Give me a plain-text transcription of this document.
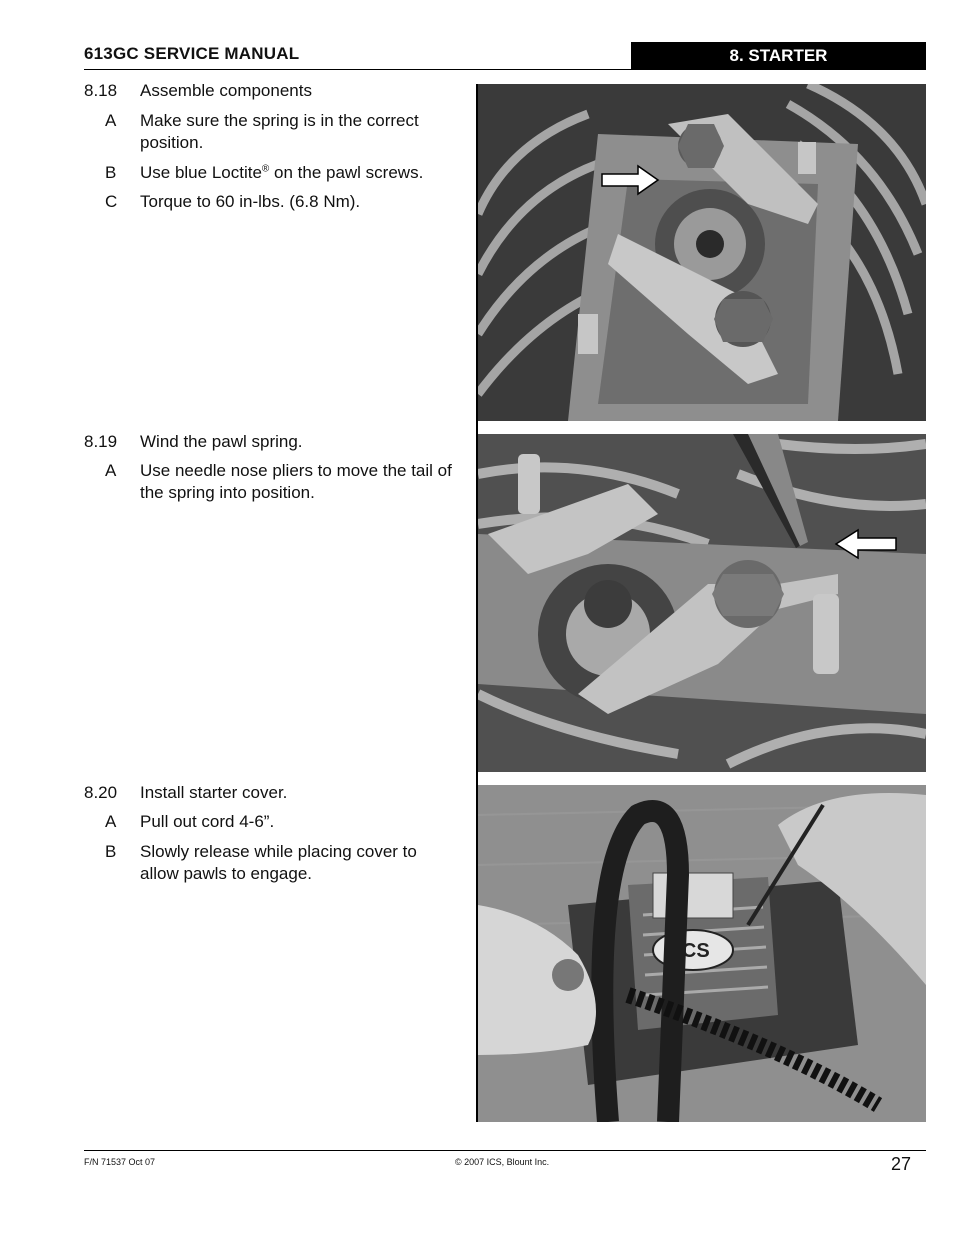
613GC SERVICE MANUAL	8. STARTER
8.18	Assemble components
A Make sure the spring is in the correct position.
B Use blue Loctite® on the pawl screws.
C Torque to 60 in-lbs. (6.8 Nm).
8.19	Wind the pawl spring.
A Use needle nose pliers to move the tail of the spring into position.
8.20	Install starter cover.
A Pull out cord 4-6”.
B Slowly release while placing cover to allow pawls to engage.
ICS
F/N 71537 Oct 07	© 2007 ICS, Blount Inc.	27
